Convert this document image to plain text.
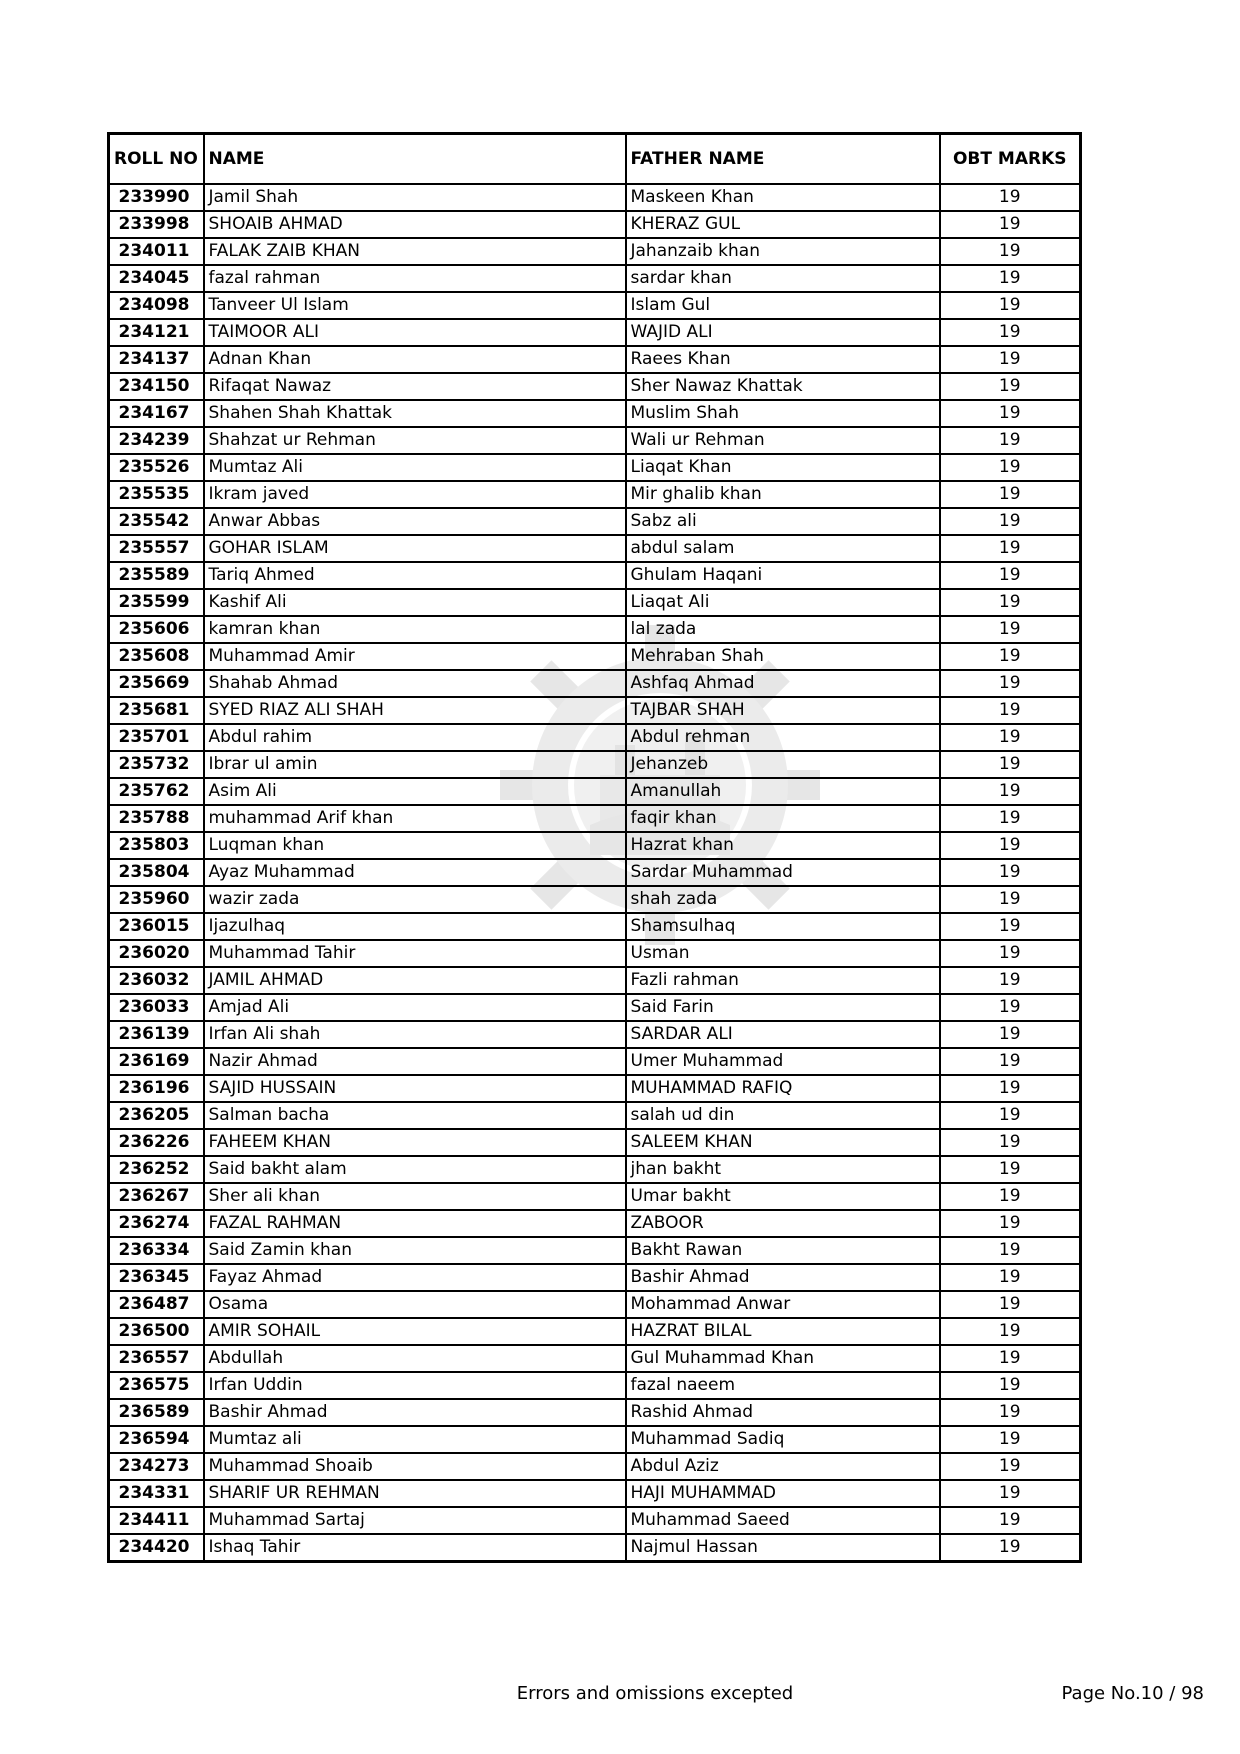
ROLL NO	NAME	FATHER NAME	OBT MARKS
233990	Jamil Shah	Maskeen Khan	19
233998	SHOAIB AHMAD	KHERAZ GUL	19
234011	FALAK ZAIB KHAN	Jahanzaib khan	19
234045	fazal rahman	sardar khan	19
234098	Tanveer Ul Islam	Islam Gul	19
234121	TAIMOOR ALI	WAJID ALI	19
234137	Adnan Khan	Raees Khan	19
234150	Rifaqat Nawaz	Sher Nawaz Khattak	19
234167	Shahen Shah Khattak	Muslim Shah	19
234239	Shahzat ur Rehman	Wali ur Rehman	19
235526	Mumtaz Ali	Liaqat Khan	19
235535	Ikram javed	Mir ghalib khan	19
235542	Anwar Abbas	Sabz ali	19
235557	GOHAR ISLAM	abdul salam	19
235589	Tariq Ahmed	Ghulam Haqani	19
235599	Kashif Ali	Liaqat Ali	19
235606	kamran khan	lal zada	19
235608	Muhammad Amir	Mehraban Shah	19
235669	Shahab Ahmad	Ashfaq Ahmad	19
235681	SYED RIAZ ALI SHAH	TAJBAR SHAH	19
235701	Abdul rahim	Abdul rehman	19
235732	Ibrar ul amin	Jehanzeb	19
235762	Asim Ali	Amanullah	19
235788	muhammad Arif khan	faqir khan	19
235803	Luqman khan	Hazrat khan	19
235804	Ayaz Muhammad	Sardar Muhammad	19
235960	wazir zada	shah zada	19
236015	Ijazulhaq	Shamsulhaq	19
236020	Muhammad Tahir	Usman	19
236032	JAMIL AHMAD	Fazli rahman	19
236033	Amjad Ali	Said Farin	19
236139	Irfan Ali shah	SARDAR ALI	19
236169	Nazir Ahmad	Umer Muhammad	19
236196	SAJID HUSSAIN	MUHAMMAD RAFIQ	19
236205	Salman bacha	salah ud din	19
236226	FAHEEM KHAN	SALEEM KHAN	19
236252	Said bakht alam	jhan bakht	19
236267	Sher ali khan	Umar bakht	19
236274	FAZAL RAHMAN	ZABOOR	19
236334	Said Zamin khan	Bakht Rawan	19
236345	Fayaz Ahmad	Bashir Ahmad	19
236487	Osama	Mohammad Anwar	19
236500	AMIR SOHAIL	HAZRAT BILAL	19
236557	Abdullah	Gul Muhammad Khan	19
236575	Irfan Uddin	fazal naeem	19
236589	Bashir Ahmad	Rashid Ahmad	19
236594	Mumtaz ali	Muhammad Sadiq	19
234273	Muhammad Shoaib	Abdul Aziz	19
234331	SHARIF UR REHMAN	HAJI MUHAMMAD	19
234411	Muhammad Sartaj	Muhammad Saeed	19
234420	Ishaq Tahir	Najmul Hassan	19
Errors and omissions excepted	Page No.10 / 98
